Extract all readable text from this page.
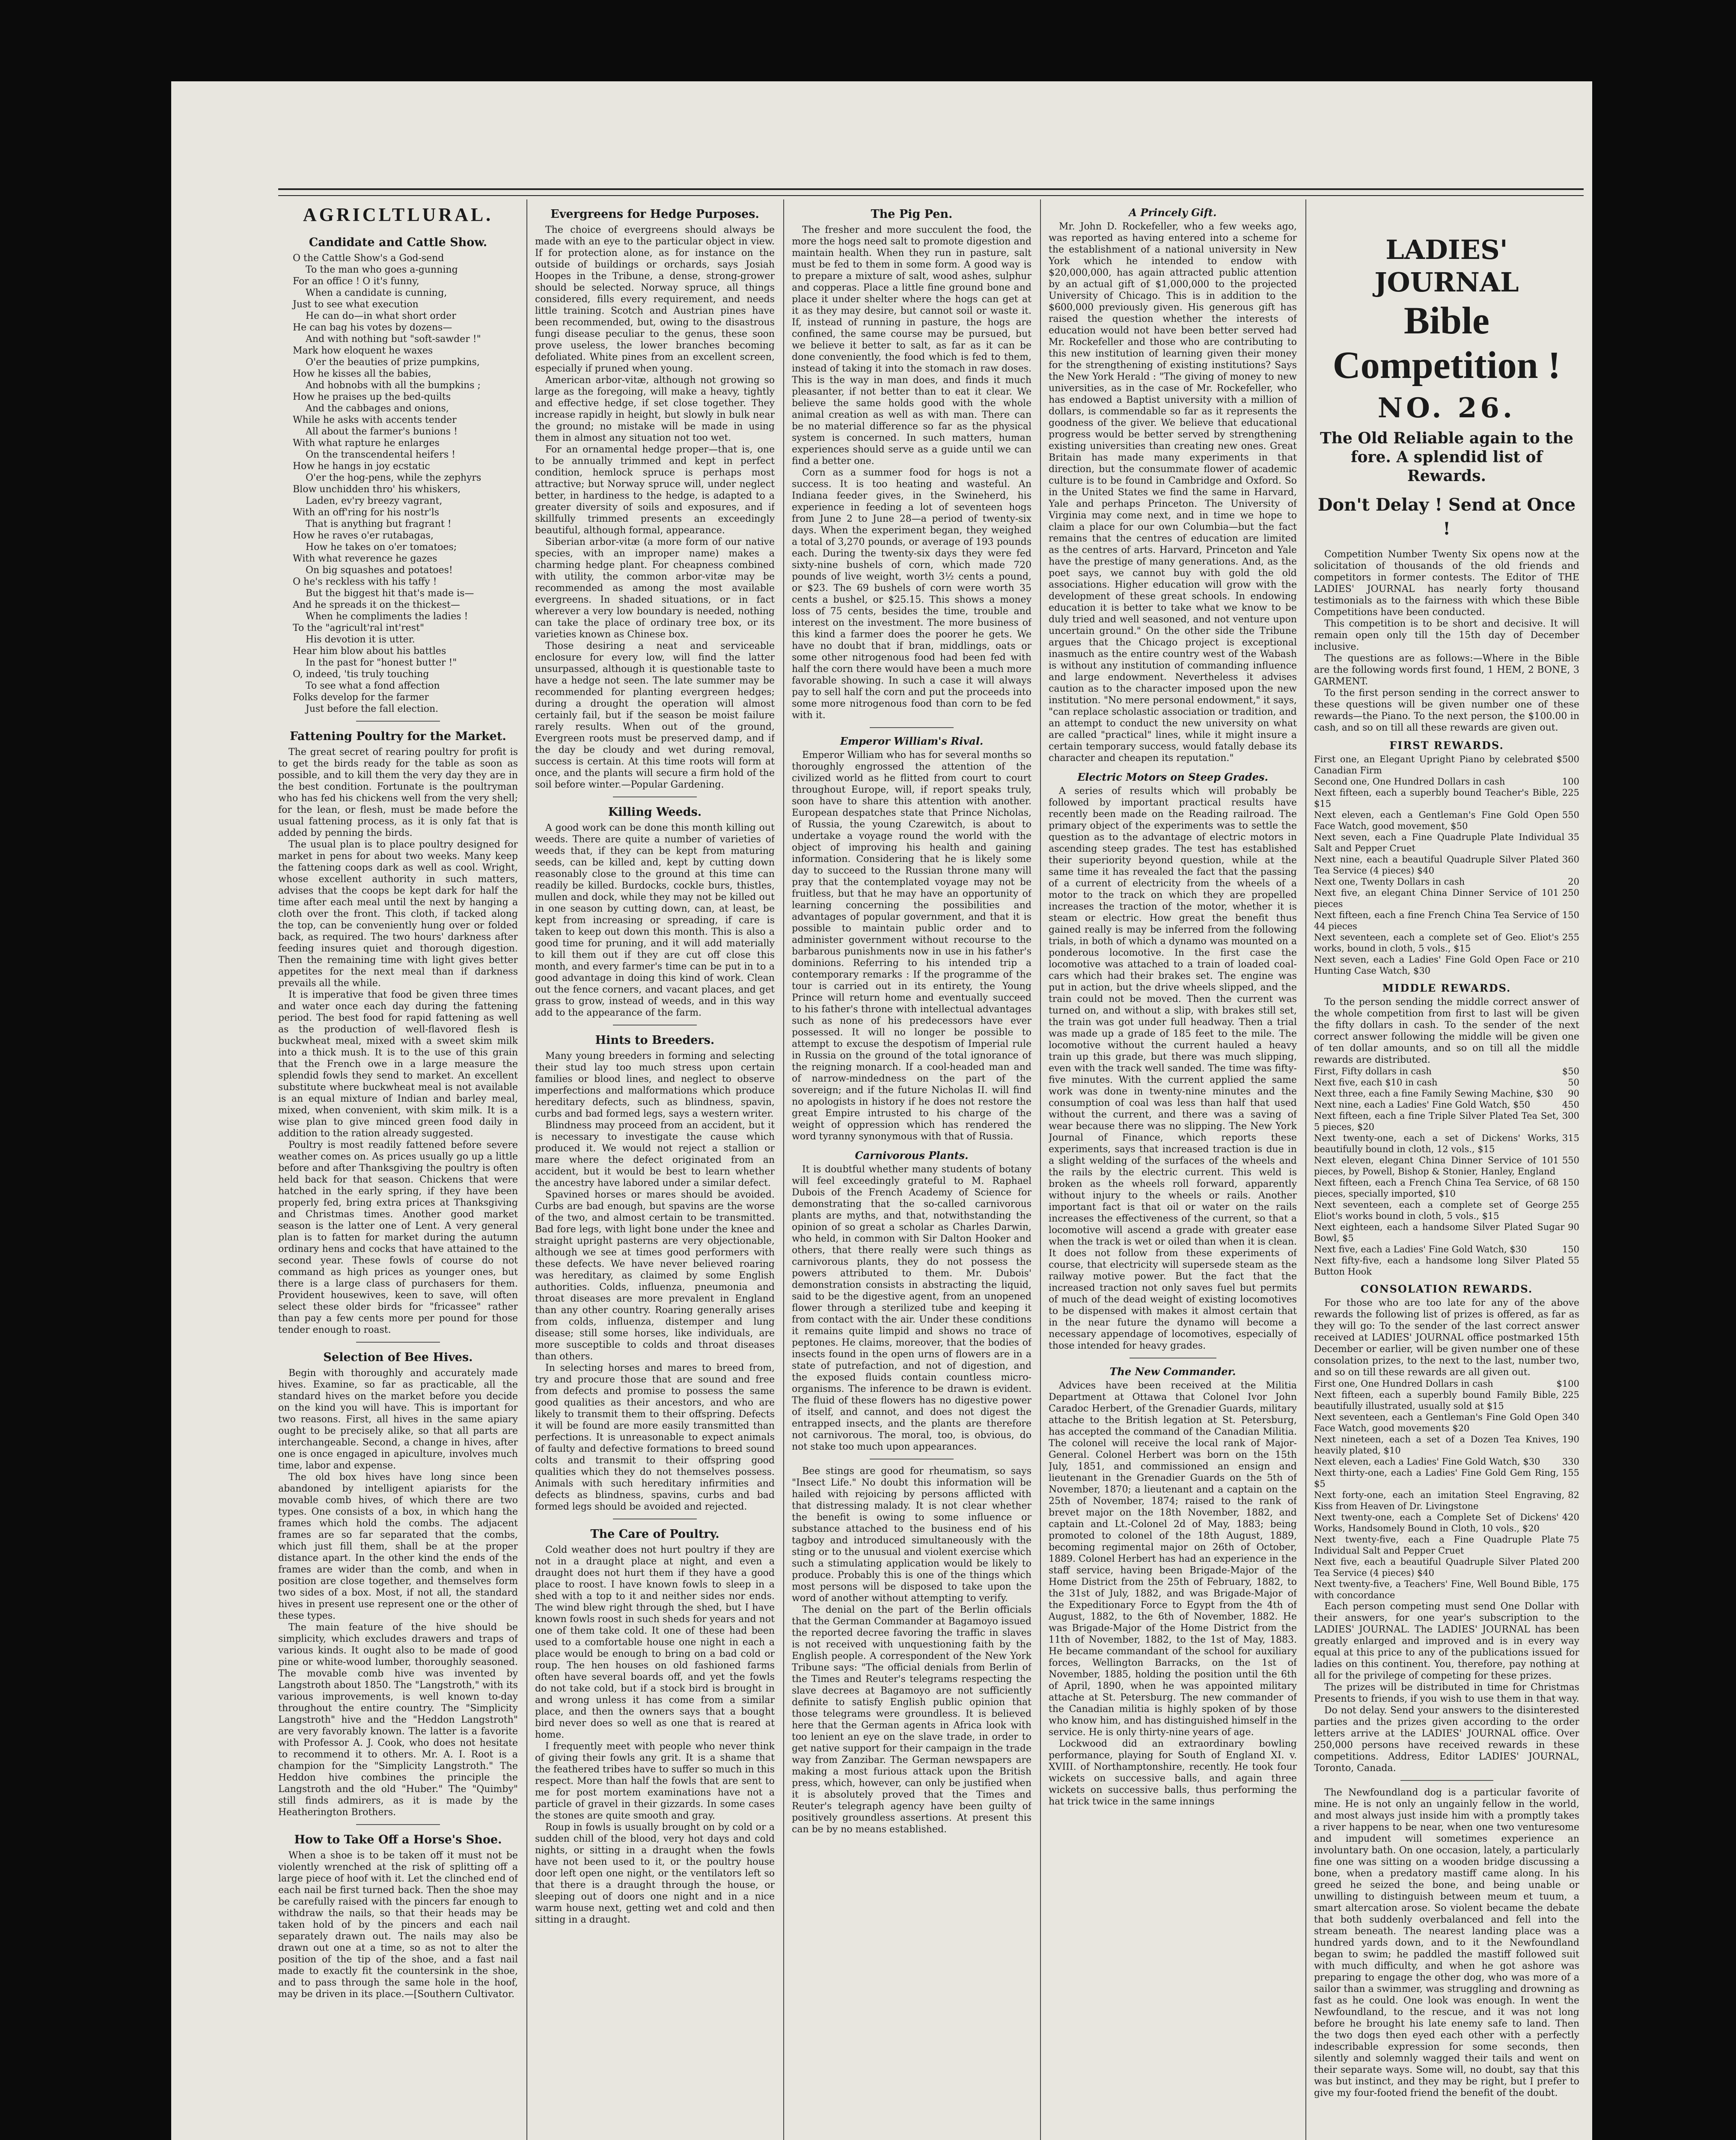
AGRICLTLURAL.
Candidate and Cattle Show.
O the Cattle Show's a God-send
To the man who goes a-gunning
For an office ! O it's funny,
When a candidate is cunning,
Just to see what execution
He can do—in what short order
He can bag his votes by dozens—
And with nothing but "soft-sawder !"
Mark how eloquent he waxes
O'er the beauties of prize pumpkins,
How he kisses all the babies,
And hobnobs with all the bumpkins ;
How he praises up the bed-quilts
And the cabbages and onions,
While he asks with accents tender
All about the farmer's bunions !
With what rapture he enlarges
On the transcendental heifers !
How he hangs in joy ecstatic
O'er the hog-pens, while the zephyrs
Blow unchidden thro' his whiskers,
Laden, ev'ry breezy vagrant,
With an off'ring for his nostr'ls
That is anything but fragrant !
How he raves o'er rutabagas,
How he takes on o'er tomatoes;
With what reverence he gazes
On big squashes and potatoes!
O he's reckless with his taffy !
But the biggest hit that's made is—
And he spreads it on the thickest—
When he compliments the ladies !
To the "agricult'ral int'rest"
His devotion it is utter.
Hear him blow about his battles
In the past for "honest butter !"
O, indeed, 'tis truly touching
To see what a fond affection
Folks develop for the farmer
Just before the fall election.
Fattening Poultry for the Market.
The great secret of rearing poultry for profit is to get the birds ready for the table as soon as possible, and to kill them the very day they are in the best condition. Fortunate is the poultryman who has fed his chickens well from the very shell; for the lean, or flesh, must be made before the usual fattening process, as it is only fat that is added by penning the birds.
The usual plan is to place poultry designed for market in pens for about two weeks. Many keep the fattening coops dark as well as cool. Wright, whose excellent authority in such matters, advises that the coops be kept dark for half the time after each meal until the next by hanging a cloth over the front. This cloth, if tacked along the top, can be conveniently hung over or folded back, as required. The two hours' darkness after feeding insures quiet and thorough digestion. Then the remaining time with light gives better appetites for the next meal than if darkness prevails all the while.
It is imperative that food be given three times and water once each day during the fattening period. The best food for rapid fattening as well as the production of well-flavored flesh is buckwheat meal, mixed with a sweet skim milk into a thick mush. It is to the use of this grain that the French owe in a large measure the splendid fowls they send to market. An excellent substitute where buckwheat meal is not available is an equal mixture of Indian and barley meal, mixed, when convenient, with skim milk. It is a wise plan to give minced green food daily in addition to the ration already suggested.
Poultry is most readily fattened before severe weather comes on. As prices usually go up a little before and after Thanksgiving the poultry is often held back for that season. Chickens that were hatched in the early spring, if they have been properly fed, bring extra prices at Thanksgiving and Christmas times. Another good market season is the latter one of Lent. A very general plan is to fatten for market during the autumn ordinary hens and cocks that have attained to the second year. These fowls of course do not command as high prices as younger ones, but there is a large class of purchasers for them. Provident housewives, keen to save, will often select these older birds for "fricassee" rather than pay a few cents more per pound for those tender enough to roast.
Selection of Bee Hives.
Begin with thoroughly and accurately made hives. Examine, so far as practicable, all the standard hives on the market before you decide on the kind you will have. This is important for two reasons. First, all hives in the same apiary ought to be precisely alike, so that all parts are interchangeable. Second, a change in hives, after one is once engaged in apiculture, involves much time, labor and expense.
The old box hives have long since been abandoned by intelligent apiarists for the movable comb hives, of which there are two types. One consists of a box, in which hang the frames which hold the combs. The adjacent frames are so far separated that the combs, which just fill them, shall be at the proper distance apart. In the other kind the ends of the frames are wider than the comb, and when in position are close together, and themselves form two sides of a box. Most, if not all, the standard hives in present use represent one or the other of these types.
The main feature of the hive should be simplicity, which excludes drawers and traps of various kinds. It ought also to be made of good pine or white-wood lumber, thoroughly seasoned. The movable comb hive was invented by Langstroth about 1850. The "Langstroth," with its various improvements, is well known to-day throughout the entire country. The "Simplicity Langstroth" hive and the "Heddon Langstroth" are very favorably known. The latter is a favorite with Professor A. J. Cook, who does not hesitate to recommend it to others. Mr. A. I. Root is a champion for the "Simplicity Langstroth." The Heddon hive combines the principle the Langstroth and the old "Huber." The "Quimby" still finds admirers, as it is made by the Heatherington Brothers.
How to Take Off a Horse's Shoe.
When a shoe is to be taken off it must not be violently wrenched at the risk of splitting off a large piece of hoof with it. Let the clinched end of each nail be first turned back. Then the shoe may be carefully raised with the pincers far enough to withdraw the nails, so that their heads may be taken hold of by the pincers and each nail separately drawn out. The nails may also be drawn out one at a time, so as not to alter the position of the tip of the shoe, and a fast nail made to exactly fit the countersink in the shoe, and to pass through the same hole in the hoof, may be driven in its place.—[Southern Cultivator.
Evergreens for Hedge Purposes.
The choice of evergreens should always be made with an eye to the particular object in view. If for protection alone, as for instance on the outside of buildings or orchards, says Josiah Hoopes in the Tribune, a dense, strong-grower should be selected. Norway spruce, all things considered, fills every requirement, and needs little training. Scotch and Austrian pines have been recommended, but, owing to the disastrous fungi disease peculiar to the genus, these soon prove useless, the lower branches becoming defoliated. White pines from an excellent screen, especially if pruned when young.
American arbor-vitæ, although not growing so large as the foregoing, will make a heavy, tightly and effective hedge, if set close together. They increase rapidly in height, but slowly in bulk near the ground; no mistake will be made in using them in almost any situation not too wet.
For an ornamental hedge proper—that is, one to be annually trimmed and kept in perfect condition, hemlock spruce is perhaps most attractive; but Norway spruce will, under neglect better, in hardiness to the hedge, is adapted to a greater diversity of soils and exposures, and if skillfully trimmed presents an exceedingly beautiful, although formal, appearance.
Siberian arbor-vitæ (a more form of our native species, with an improper name) makes a charming hedge plant. For cheapness combined with utility, the common arbor-vitæ may be recommended as among the most available evergreens. In shaded situations, or in fact wherever a very low boundary is needed, nothing can take the place of ordinary tree box, or its varieties known as Chinese box.
Those desiring a neat and serviceable enclosure for every low, will find the latter unsurpassed, although it is questionable taste to have a hedge not seen. The late summer may be recommended for planting evergreen hedges; during a drought the operation will almost certainly fail, but if the season be moist failure rarely results. When out of the ground, Evergreen roots must be preserved damp, and if the day be cloudy and wet during removal, success is certain. At this time roots will form at once, and the plants will secure a firm hold of the soil before winter.—Popular Gardening.
Killing Weeds.
A good work can be done this month killing out weeds. There are quite a number of varieties of weeds that, if they can be kept from maturing seeds, can be killed and, kept by cutting down reasonably close to the ground at this time can readily be killed. Burdocks, cockle burs, thistles, mullen and dock, while they may not be killed out in one season by cutting down, can, at least, be kept from increasing or spreading, if care is taken to keep out down this month. This is also a good time for pruning, and it will add materially to kill them out if they are cut off close this month, and every farmer's time can be put in to a good advantage in doing this kind of work. Clean out the fence corners, and vacant places, and get grass to grow, instead of weeds, and in this way add to the appearance of the farm.
Hints to Breeders.
Many young breeders in forming and selecting their stud lay too much stress upon certain families or blood lines, and neglect to observe imperfections and malformations which produce hereditary defects, such as blindness, spavin, curbs and bad formed legs, says a western writer.
Blindness may proceed from an accident, but it is necessary to investigate the cause which produced it. We would not reject a stallion or mare where the defect originated from an accident, but it would be best to learn whether the ancestry have labored under a similar defect.
Spavined horses or mares should be avoided. Curbs are bad enough, but spavins are the worse of the two, and almost certain to be transmitted. Bad fore legs, with light bone under the knee and straight upright pasterns are very objectionable, although we see at times good performers with these defects. We have never believed roaring was hereditary, as claimed by some English authorities. Colds, influenza, pneumonia and throat diseases are more prevalent in England than any other country. Roaring generally arises from colds, influenza, distemper and lung disease; still some horses, like individuals, are more susceptible to colds and throat diseases than others.
In selecting horses and mares to breed from, try and procure those that are sound and free from defects and promise to possess the same good qualities as their ancestors, and who are likely to transmit them to their offspring. Defects it will be found are more easily transmitted than perfections. It is unreasonable to expect animals of faulty and defective formations to breed sound colts and transmit to their offspring good qualities which they do not themselves possess. Animals with such hereditary infirmities and defects as blindness, spavins, curbs and bad formed legs should be avoided and rejected.
The Care of Poultry.
Cold weather does not hurt poultry if they are not in a draught place at night, and even a draught does not hurt them if they have a good place to roost. I have known fowls to sleep in a shed with a top to it and neither sides nor ends. The wind blew right through the shed, but I have known fowls roost in such sheds for years and not one of them take cold. It one of these had been used to a comfortable house one night in each a place would be enough to bring on a bad cold or roup. The hen houses on old fashioned farms often have several boards off, and yet the fowls do not take cold, but if a stock bird is brought in and wrong unless it has come from a similar place, and then the owners says that a bought bird never does so well as one that is reared at home.
I frequently meet with people who never think of giving their fowls any grit. It is a shame that the feathered tribes have to suffer so much in this respect. More than half the fowls that are sent to me for post mortem examinations have not a particle of gravel in their gizzards. In some cases the stones are quite smooth and gray.
Roup in fowls is usually brought on by cold or a sudden chill of the blood, very hot days and cold nights, or sitting in a draught when the fowls have not been used to it, or the poultry house door left open one night, or the ventilators left so that there is a draught through the house, or sleeping out of doors one night and in a nice warm house next, getting wet and cold and then sitting in a draught.
The Pig Pen.
The fresher and more succulent the food, the more the hogs need salt to promote digestion and maintain health. When they run in pasture, salt must be fed to them in some form. A good way is to prepare a mixture of salt, wood ashes, sulphur and copperas. Place a little fine ground bone and place it under shelter where the hogs can get at it as they may desire, but cannot soil or waste it. If, instead of running in pasture, the hogs are confined, the same course may be pursued, but we believe it better to salt, as far as it can be done conveniently, the food which is fed to them, instead of taking it into the stomach in raw doses. This is the way in man does, and finds it much pleasanter, if not better than to eat it clear. We believe the same holds good with the whole animal creation as well as with man. There can be no material difference so far as the physical system is concerned. In such matters, human experiences should serve as a guide until we can find a better one.
Corn as a summer food for hogs is not a success. It is too heating and wasteful. An Indiana feeder gives, in the Swineherd, his experience in feeding a lot of seventeen hogs from June 2 to June 28—a period of twenty-six days. When the experiment began, they weighed a total of 3,270 pounds, or average of 193 pounds each. During the twenty-six days they were fed sixty-nine bushels of corn, which made 720 pounds of live weight, worth 3½ cents a pound, or $23. The 69 bushels of corn were worth 35 cents a bushel, or $25.15. This shows a money loss of 75 cents, besides the time, trouble and interest on the investment. The more business of this kind a farmer does the poorer he gets. We have no doubt that if bran, middlings, oats or some other nitrogenous food had been fed with half the corn there would have been a much more favorable showing. In such a case it will always pay to sell half the corn and put the proceeds into some more nitrogenous food than corn to be fed with it.
Emperor William's Rival.
Emperor William who has for several months so thoroughly engrossed the attention of the civilized world as he flitted from court to court throughout Europe, will, if report speaks truly, soon have to share this attention with another. European despatches state that Prince Nicholas, of Russia, the young Czarewitch, is about to undertake a voyage round the world with the object of improving his health and gaining information. Considering that he is likely some day to succeed to the Russian throne many will pray that the contemplated voyage may not be fruitless, but that he may have an opportunity of learning concerning the possibilities and advantages of popular government, and that it is possible to maintain public order and to administer government without recourse to the barbarous punishments now in use in his father's dominions. Referring to his intended trip a contemporary remarks : If the programme of the tour is carried out in its entirety, the Young Prince will return home and eventually succeed to his father's throne with intellectual advantages such as none of his predecessors have ever possessed. It will no longer be possible to attempt to excuse the despotism of Imperial rule in Russia on the ground of the total ignorance of the reigning monarch. If a cool-headed man and of narrow-mindedness on the part of the sovereign; and if the future Nicholas II. will find no apologists in history if he does not restore the great Empire intrusted to his charge of the weight of oppression which has rendered the word tyranny synonymous with that of Russia.
Carnivorous Plants.
It is doubtful whether many students of botany will feel exceedingly grateful to M. Raphael Dubois of the French Academy of Science for demonstrating that the so-called carnivorous plants are myths, and that, notwithstanding the opinion of so great a scholar as Charles Darwin, who held, in common with Sir Dalton Hooker and others, that there really were such things as carnivorous plants, they do not possess the powers attributed to them. Mr. Dubois' demonstration consists in abstracting the liquid, said to be the digestive agent, from an unopened flower through a sterilized tube and keeping it from contact with the air. Under these conditions it remains quite limpid and shows no trace of peptones. He claims, moreover, that the bodies of insects found in the open urns of flowers are in a state of putrefaction, and not of digestion, and the exposed fluids contain countless micro-organisms. The inference to be drawn is evident. The fluid of these flowers has no digestive power of itself, and cannot, and does not digest the entrapped insects, and the plants are therefore not carnivorous. The moral, too, is obvious, do not stake too much upon appearances.
Bee stings are good for rheumatism, so says "Insect Life." No doubt this information will be hailed with rejoicing by persons afflicted with that distressing malady. It is not clear whether the benefit is owing to some influence or substance attached to the business end of his tagboy and introduced simultaneously with the sting or to the unusual and violent exercise which such a stimulating application would be likely to produce. Probably this is one of the things which most persons will be disposed to take upon the word of another without attempting to verify.
The denial on the part of the Berlin officials that the German Commander at Bagamoyo issued the reported decree favoring the traffic in slaves is not received with unquestioning faith by the English people. A correspondent of the New York Tribune says: "The official denials from Berlin of the Times and Reuter's telegrams respecting the slave decrees at Bagamoyo are not sufficiently definite to satisfy English public opinion that those telegrams were groundless. It is believed here that the German agents in Africa look with too lenient an eye on the slave trade, in order to get native support for their campaign in the trade way from Zanzibar. The German newspapers are making a most furious attack upon the British press, which, however, can only be justified when it is absolutely proved that the Times and Reuter's telegraph agency have been guilty of positively groundless assertions. At present this can be by no means established.
A Princely Gift.
Mr. John D. Rockefeller, who a few weeks ago, was reported as having entered into a scheme for the establishment of a national university in New York which he intended to endow with $20,000,000, has again attracted public attention by an actual gift of $1,000,000 to the projected University of Chicago. This is in addition to the $600,000 previously given. His generous gift has raised the question whether the interests of education would not have been better served had Mr. Rockefeller and those who are contributing to this new institution of learning given their money for the strengthening of existing institutions? Says the New York Herald : "The giving of money to new universities, as in the case of Mr. Rockefeller, who has endowed a Baptist university with a million of dollars, is commendable so far as it represents the goodness of the giver. We believe that educational progress would be better served by strengthening existing universities than creating new ones. Great Britain has made many experiments in that direction, but the consummate flower of academic culture is to be found in Cambridge and Oxford. So in the United States we find the same in Harvard, Yale and perhaps Princeton. The University of Virginia may come next, and in time we hope to claim a place for our own Columbia—but the fact remains that the centres of education are limited as the centres of arts. Harvard, Princeton and Yale have the prestige of many generations. And, as the poet says, we cannot buy with gold the old associations. Higher education will grow with the development of these great schools. In endowing education it is better to take what we know to be duly tried and well seasoned, and not venture upon uncertain ground." On the other side the Tribune argues that the Chicago project is exceptional inasmuch as the entire country west of the Wabash is without any institution of commanding influence and large endowment. Nevertheless it advises caution as to the character imposed upon the new institution. "No mere personal endowment," it says, "can replace scholastic association or tradition, and an attempt to conduct the new university on what are called "practical" lines, while it might insure a certain temporary success, would fatally debase its character and cheapen its reputation."
Electric Motors on Steep Grades.
A series of results which will probably be followed by important practical results have recently been made on the Reading railroad. The primary object of the experiments was to settle the question as to the advantage of electric motors in ascending steep grades. The test has established their superiority beyond question, while at the same time it has revealed the fact that the passing of a current of electricity from the wheels of a motor to the track on which they are propelled increases the traction of the motor, whether it is steam or electric. How great the benefit thus gained really is may be inferred from the following trials, in both of which a dynamo was mounted on a ponderous locomotive. In the first case the locomotive was attached to a train of loaded coal-cars which had their brakes set. The engine was put in action, but the drive wheels slipped, and the train could not be moved. Then the current was turned on, and without a slip, with brakes still set, the train was got under full headway. Then a trial was made up a grade of 185 feet to the mile. The locomotive without the current hauled a heavy train up this grade, but there was much slipping, even with the track well sanded. The time was fifty-five minutes. With the current applied the same work was done in twenty-nine minutes and the consumption of coal was less than half that used without the current, and there was a saving of wear because there was no slipping. The New York Journal of Finance, which reports these experiments, says that increased traction is due in a slight welding of the surfaces of the wheels and the rails by the electric current. This weld is broken as the wheels roll forward, apparently without injury to the wheels or rails. Another important fact is that oil or water on the rails increases the effectiveness of the current, so that a locomotive will ascend a grade with greater ease when the track is wet or oiled than when it is clean. It does not follow from these experiments of course, that electricity will supersede steam as the railway motive power. But the fact that the increased traction not only saves fuel but permits of much of the dead weight of existing locomotives to be dispensed with makes it almost certain that in the near future the dynamo will become a necessary appendage of locomotives, especially of those intended for heavy grades.
The New Commander.
Advices have been received at the Militia Department at Ottawa that Colonel Ivor John Caradoc Herbert, of the Grenadier Guards, military attache to the British legation at St. Petersburg, has accepted the command of the Canadian Militia. The colonel will receive the local rank of Major-General. Colonel Herbert was born on the 15th July, 1851, and commissioned an ensign and lieutenant in the Grenadier Guards on the 5th of November, 1870; a lieutenant and a captain on the 25th of November, 1874; raised to the rank of brevet major on the 18th November, 1882, and captain and Lt.-Colonel 2d of May, 1883; being promoted to colonel of the 18th August, 1889, becoming regimental major on 26th of October, 1889. Colonel Herbert has had an experience in the staff service, having been Brigade-Major of the Home District from the 25th of February, 1882, to the 31st of July, 1882, and was Brigade-Major of the Expeditionary Force to Egypt from the 4th of August, 1882, to the 6th of November, 1882. He was Brigade-Major of the Home District from the 11th of November, 1882, to the 1st of May, 1883. He became commandant of the school for auxiliary forces, Wellington Barracks, on the 1st of November, 1885, holding the position until the 6th of April, 1890, when he was appointed military attache at St. Petersburg. The new commander of the Canadian militia is highly spoken of by those who know him, and has distinguished himself in the service. He is only thirty-nine years of age.
Lockwood did an extraordinary bowling performance, playing for South of England XI. v. XVIII. of Northamptonshire, recently. He took four wickets on successive balls, and again three wickets on successive balls, thus performing the hat trick twice in the same innings
LADIES' JOURNAL
Bible Competition !
NO. 26.
The Old Reliable again to the fore. A splendid list of Rewards.
Don't Delay ! Send at Once !
Competition Number Twenty Six opens now at the solicitation of thousands of the old friends and competitors in former contests. The Editor of THE LADIES' JOURNAL has nearly forty thousand testimonials as to the fairness with which these Bible Competitions have been conducted.
This competition is to be short and decisive. It will remain open only till the 15th day of December inclusive.
The questions are as follows:—Where in the Bible are the following words first found, 1 HEM, 2 BONE, 3 GARMENT.
To the first person sending in the correct answer to these questions will be given number one of these rewards—the Piano. To the next person, the $100.00 in cash, and so on till all these rewards are given out.
FIRST REWARDS.
First one, an Elegant Upright Piano by celebrated Canadian Firm
$500
Second one, One Hundred Dollars in cash	100
Next fifteen, each a superbly bound Teacher's Bible, $15
225
Next eleven, each a Gentleman's Fine Gold Open Face Watch, good movement, $50
550
Next seven, each a Fine Quadruple Plate Individual Salt and Pepper Cruet
35
Next nine, each a beautiful Quadruple Silver Plated Tea Service (4 pieces) $40
360
Next one, Twenty Dollars in cash	20
Next five, an elegant China Dinner Service of 101 pieces
250
Next fifteen, each a fine French China Tea Service of 44 pieces
150
Next seventeen, each a complete set of Geo. Eliot's works, bound in cloth, 5 vols., $15
255
Next seven, each a Ladies' Fine Gold Open Face or Hunting Case Watch, $30
210
MIDDLE REWARDS.
To the person sending the middle correct answer of the whole competition from first to last will be given the fifty dollars in cash. To the sender of the next correct answer following the middle will be given one of ten dollar amounts, and so on till all the middle rewards are distributed.
First, Fifty dollars in cash	$50
Next five, each $10 in cash	50
Next three, each a fine Family Sewing Machine, $30 90
Next nine, each a Ladies' Fine Gold Watch, $50	450
Next fifteen, each a fine Triple Silver Plated Tea Set, 5 pieces, $20
300
Next twenty-one, each a set of Dickens' Works, beautifully bound in cloth, 12 vols., $15
315
Next eleven, elegant China Dinner Service of 101 pieces, by Powell, Bishop & Stonier, Hanley, England
550
Next fifteen, each a French China Tea Service, of 68 pieces, specially imported, $10
150
Next seventeen, each a complete set of George Eliot's works bound in cloth, 5 vols., $15
255
Next eighteen, each a handsome Silver Plated Sugar Bowl, $5
90
Next five, each a Ladies' Fine Gold Watch, $30	150
Next fifty-five, each a handsome long Silver Plated Button Hook
55
CONSOLATION REWARDS.
For those who are too late for any of the above rewards the following list of prizes is offered, as far as they will go: To the sender of the last correct answer received at LADIES' JOURNAL office postmarked 15th December or earlier, will be given number one of these consolation prizes, to the next to the last, number two, and so on till these rewards are all given out.
First one, One Hundred Dollars in cash	$100
Next fifteen, each a superbly bound Family Bible, beautifully illustrated, usually sold at $15
225
Next seventeen, each a Gentleman's Fine Gold Open Face Watch, good movements $20
340
Next nineteen, each a set of a Dozen Tea Knives, heavily plated, $10
190
Next eleven, each a Ladies' Fine Gold Watch, $30 330
Next thirty-one, each a Ladies' Fine Gold Gem Ring, $5
155
Next forty-one, each an imitation Steel Engraving, Kiss from Heaven of Dr. Livingstone
82
Next twenty-one, each a Complete Set of Dickens' Works, Handsomely Bound in Cloth, 10 vols., $20
420
Next twenty-five, each a Fine Quadruple Plate Individual Salt and Pepper Cruet
75
Next five, each a beautiful Quadruple Silver Plated Tea Service (4 pieces) $40
200
Next twenty-five, a Teachers' Fine, Well Bound Bible, with concordance
175
Each person competing must send One Dollar with their answers, for one year's subscription to the LADIES' JOURNAL. The LADIES' JOURNAL has been greatly enlarged and improved and is in every way equal at this price to any of the publications issued for ladies on this continent. You, therefore, pay nothing at all for the privilege of competing for these prizes.
The prizes will be distributed in time for Christmas Presents to friends, if you wish to use them in that way.
Do not delay. Send your answers to the disinterested parties and the prizes given according to the order letters arrive at the LADIES' JOURNAL office. Over 250,000 persons have received rewards in these competitions. Address, Editor LADIES' JOURNAL, Toronto, Canada.
The Newfoundland dog is a particular favorite of mine. He is not only an ungainly fellow in the world, and most always just inside him with a promptly takes a river happens to be near, when one two venturesome and impudent will sometimes experience an involuntary bath. On one occasion, lately, a particularly fine one was sitting on a wooden bridge discussing a bone, when a predatory mastiff came along. In his greed he seized the bone, and being unable or unwilling to distinguish between meum et tuum, a smart altercation arose. So violent became the debate that both suddenly overbalanced and fell into the stream beneath. The nearest landing place was a hundred yards down, and to it the Newfoundland began to swim; he paddled the mastiff followed suit with much difficulty, and when he got ashore was preparing to engage the other dog, who was more of a sailor than a swimmer, was struggling and drowning as fast as he could. One look was enough. In went the Newfoundland, to the rescue, and it was not long before he brought his late enemy safe to land. Then the two dogs then eyed each other with a perfectly indescribable expression for some seconds, then silently and solemnly wagged their tails and went on their separate ways. Some will, no doubt, say that this was but instinct, and they may be right, but I prefer to give my four-footed friend the benefit of the doubt.
